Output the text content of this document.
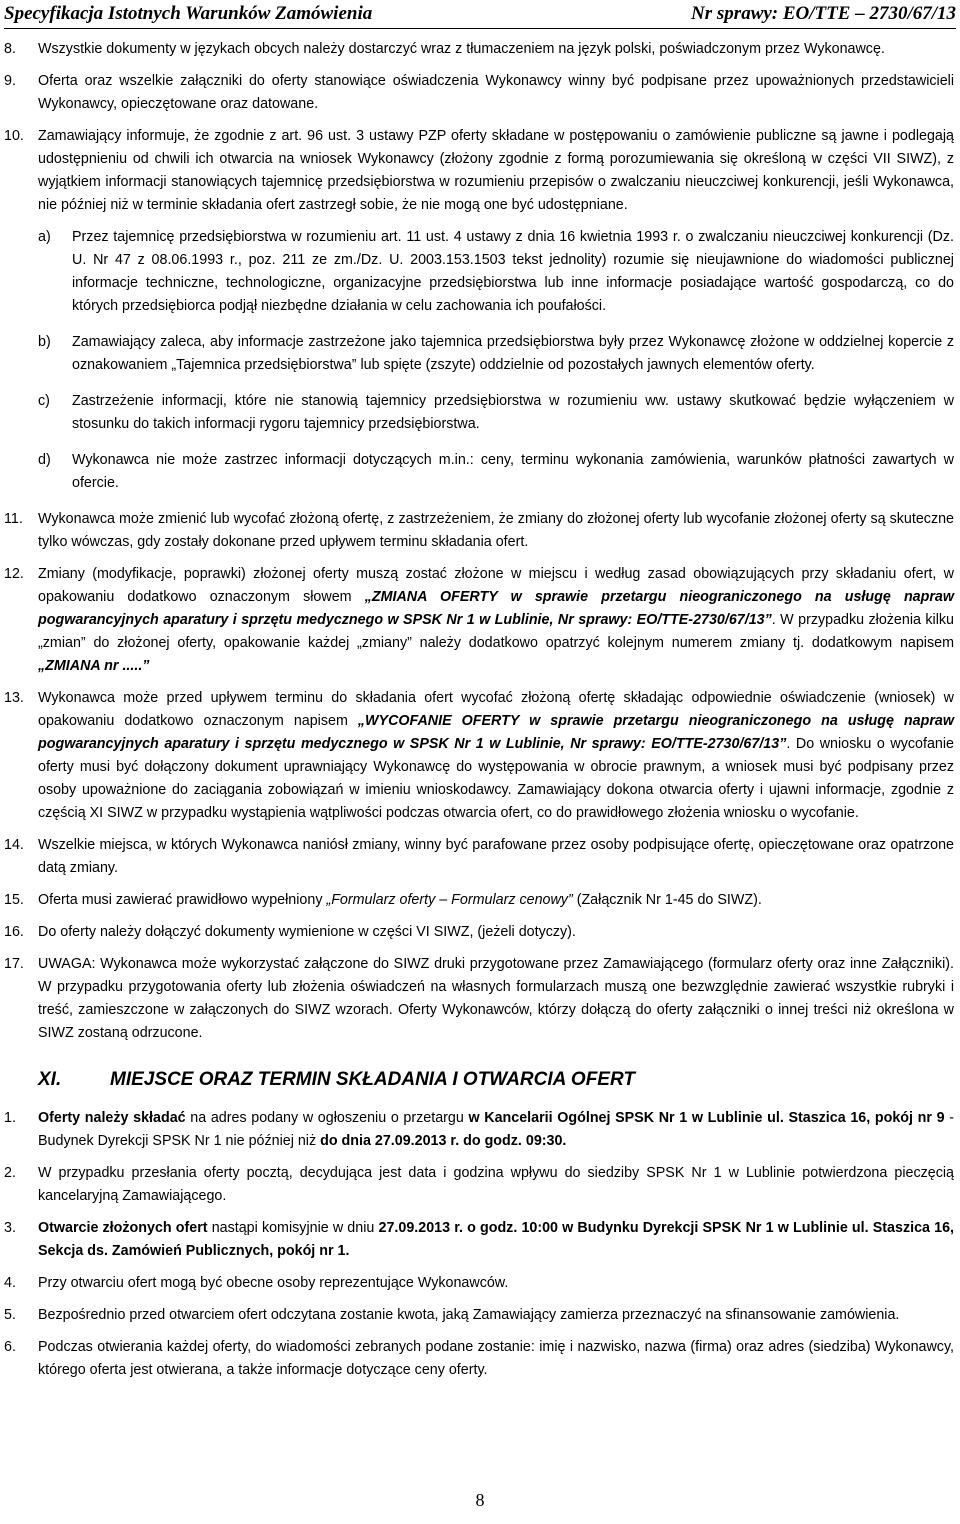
Specyfikacja Istotnych Warunków Zamówienia	Nr sprawy: EO/TTE – 2730/67/13
8. Wszystkie dokumenty w językach obcych należy dostarczyć wraz z tłumaczeniem na język polski, poświadczonym przez Wykonawcę.
9. Oferta oraz wszelkie załączniki do oferty stanowiące oświadczenia Wykonawcy winny być podpisane przez upoważnionych przedstawicieli Wykonawcy, opieczętowane oraz datowane.
10. Zamawiający informuje, że zgodnie z art. 96 ust. 3 ustawy PZP oferty składane w postępowaniu o zamówienie publiczne są jawne i podlegają udostępnieniu od chwili ich otwarcia na wniosek Wykonawcy (złożony zgodnie z formą porozumiewania się określoną w części VII SIWZ), z wyjątkiem informacji stanowiących tajemnicę przedsiębiorstwa w rozumieniu przepisów o zwalczaniu nieuczciwej konkurencji, jeśli Wykonawca, nie później niż w terminie składania ofert zastrzegł sobie, że nie mogą one być udostępniane.
a) Przez tajemnicę przedsiębiorstwa w rozumieniu art. 11 ust. 4 ustawy z dnia 16 kwietnia 1993 r. o zwalczaniu nieuczciwej konkurencji (Dz. U. Nr 47 z 08.06.1993 r., poz. 211 ze zm./Dz. U. 2003.153.1503 tekst jednolity) rozumie się nieujawnione do wiadomości publicznej informacje techniczne, technologiczne, organizacyjne przedsiębiorstwa lub inne informacje posiadające wartość gospodarczą, co do których przedsiębiorca podjął niezbędne działania w celu zachowania ich poufałości.
b) Zamawiający zaleca, aby informacje zastrzeżone jako tajemnica przedsiębiorstwa były przez Wykonawcę złożone w oddzielnej kopercie z oznakowaniem „Tajemnica przedsiębiorstwa” lub spięte (zszyte) oddzielnie od pozostałych jawnych elementów oferty.
c) Zastrzeżenie informacji, które nie stanowią tajemnicy przedsiębiorstwa w rozumieniu ww. ustawy skutkować będzie wyłączeniem w stosunku do takich informacji rygoru tajemnicy przedsiębiorstwa.
d) Wykonawca nie może zastrzec informacji dotyczących m.in.: ceny, terminu wykonania zamówienia, warunków płatności zawartych w ofercie.
11. Wykonawca może zmienić lub wycofać złożoną ofertę, z zastrzeżeniem, że zmiany do złożonej oferty lub wycofanie złożonej oferty są skuteczne tylko wówczas, gdy zostały dokonane przed upływem terminu składania ofert.
12. Zmiany (modyfikacje, poprawki) złożonej oferty muszą zostać złożone w miejscu i według zasad obowiązujących przy składaniu ofert, w opakowaniu dodatkowo oznaczonym słowem „ZMIANA OFERTY w sprawie przetargu nieograniczonego na usługę napraw pogwarancyjnych aparatury i sprzętu medycznego w SPSK Nr 1 w Lublinie, Nr sprawy: EO/TTE-2730/67/13”. W przypadku złożenia kilku „zmian” do złożonej oferty, opakowanie każdej „zmiany” należy dodatkowo opatrzyć kolejnym numerem zmiany tj. dodatkowym napisem „ZMIANA nr .....”
13. Wykonawca może przed upływem terminu do składania ofert wycofać złożoną ofertę składając odpowiednie oświadczenie (wniosek) w opakowaniu dodatkowo oznaczonym napisem „WYCOFANIE OFERTY w sprawie przetargu nieograniczonego na usługę napraw pogwarancyjnych aparatury i sprzętu medycznego w SPSK Nr 1 w Lublinie, Nr sprawy: EO/TTE-2730/67/13”. Do wniosku o wycofanie oferty musi być dołączony dokument uprawniający Wykonawcę do występowania w obrocie prawnym, a wniosek musi być podpisany przez osoby upoważnione do zaciągania zobowiązań w imieniu wnioskodawcy. Zamawiający dokona otwarcia oferty i ujawni informacje, zgodnie z częścią XI SIWZ w przypadku wystąpienia wątpliwości podczas otwarcia ofert, co do prawidłowego złożenia wniosku o wycofanie.
14. Wszelkie miejsca, w których Wykonawca naniósł zmiany, winny być parafowane przez osoby podpisujące ofertę, opieczętowane oraz opatrzone datą zmiany.
15. Oferta musi zawierać prawidłowo wypełniony „Formularz oferty – Formularz cenowy” (Załącznik Nr 1-45 do SIWZ).
16. Do oferty należy dołączyć dokumenty wymienione w części VI SIWZ, (jeżeli dotyczy).
17. UWAGA: Wykonawca może wykorzystać załączone do SIWZ druki przygotowane przez Zamawiającego (formularz oferty oraz inne Załączniki). W przypadku przygotowania oferty lub złożenia oświadczeń na własnych formularzach muszą one bezwzględnie zawierać wszystkie rubryki i treść, zamieszczone w załączonych do SIWZ wzorach. Oferty Wykonawców, którzy dołączą do oferty załączniki o innej treści niż określona w SIWZ zostaną odrzucone.
XI.	MIEJSCE ORAZ TERMIN SKŁADANIA I OTWARCIA OFERT
1. Oferty należy składać na adres podany w ogłoszeniu o przetargu w Kancelarii Ogólnej SPSK Nr 1 w Lublinie ul. Staszica 16, pokój nr 9 - Budynek Dyrekcji SPSK Nr 1 nie później niż do dnia 27.09.2013 r. do godz. 09:30.
2. W przypadku przesłania oferty pocztą, decydująca jest data i godzina wpływu do siedziby SPSK Nr 1 w Lublinie potwierdzona pieczęcią kancelaryjną Zamawiającego.
3. Otwarcie złożonych ofert nastąpi komisyjnie w dniu 27.09.2013 r. o godz. 10:00 w Budynku Dyrekcji SPSK Nr 1 w Lublinie ul. Staszica 16, Sekcja ds. Zamówień Publicznych, pokój nr 1.
4. Przy otwarciu ofert mogą być obecne osoby reprezentujące Wykonawców.
5. Bezpośrednio przed otwarciem ofert odczytana zostanie kwota, jaką Zamawiający zamierza przeznaczyć na sfinansowanie zamówienia.
6. Podczas otwierania każdej oferty, do wiadomości zebranych podane zostanie: imię i nazwisko, nazwa (firma) oraz adres (siedziba) Wykonawcy, którego oferta jest otwierana, a także informacje dotyczące ceny oferty.
8
